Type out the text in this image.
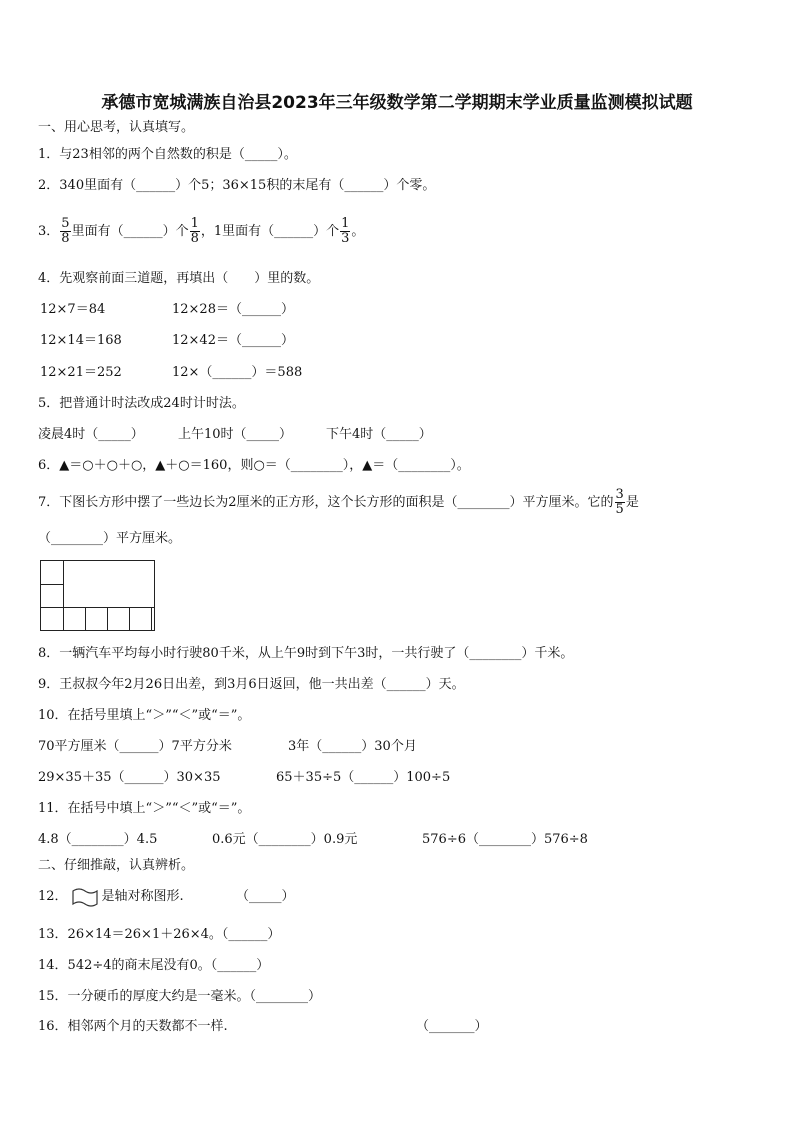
承德市宽城满族自治县2023年三年级数学第二学期期末学业质量监测模拟试题
一、用心思考，认真填写。
1．与23相邻的两个自然数的积是（_____）。
2．340里面有（______）个5；36×15积的末尾有（______）个零。
3． $\frac{5}{8}$ 里面有（______）个 $\frac{1}{8}$ ，1里面有（______）个 $\frac{1}{3}$ 。
4．先观察前面三道题，再填出（　　）里的数。
12×7＝84	12×28＝（______）
12×14＝168	12×42＝（______）
12×21＝252	12×（______）＝588
5．把普通计时法改成24时计时法。
凌晨4时（_____）	上午10时（_____）	下午4时（_____）
6．▲＝○＋○＋○，▲＋○＝160，则○＝（________），▲＝（________）。
7．下图长方形中摆了一些边长为2厘米的正方形，这个长方形的面积是（________）平方厘米。它的 $\frac{3}{5}$ 是
（________）平方厘米。
8．一辆汽车平均每小时行驶80千米，从上午9时到下午3时，一共行驶了（________）千米。
9．王叔叔今年2月26日出差，到3月6日返回，他一共出差（______）天。
10．在括号里填上“＞”“＜”或“＝”。
70平方厘米（______）7平方分米	3年（______）30个月
29×35＋35（______）30×35	65＋35÷5（______）100÷5
11．在括号中填上“＞”“＜”或“＝”。
4.8（________）4.5	0.6元（________）0.9元	576÷6（________）576÷8
二、仔细推敲，认真辨析。
12．	是轴对称图形.	（_____）
13．26×14＝26×1＋26×4。（______）
14．542÷4的商末尾没有0。（______）
15．一分硬币的厚度大约是一毫米。（________）
16．相邻两个月的天数都不一样.	（_______）
